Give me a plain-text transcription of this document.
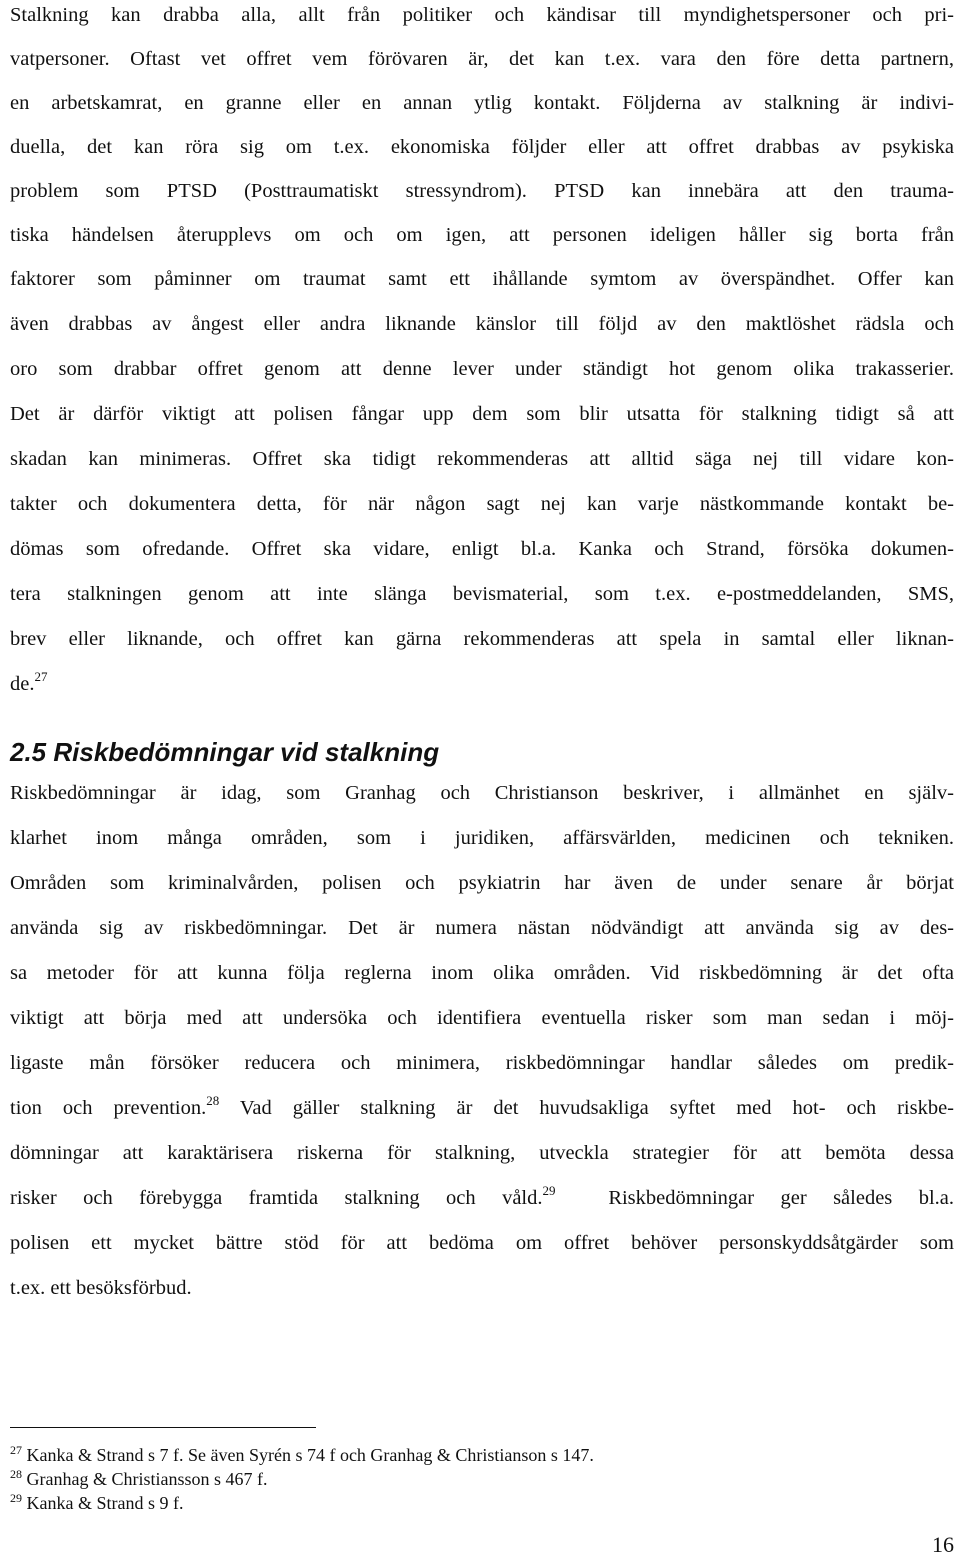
Stalkning kan drabba alla, allt från politiker och kändisar till myndighetspersoner och pri-
vatpersoner. Oftast vet offret vem förövaren är, det kan t.ex. vara den före detta partnern,
en arbetskamrat, en granne eller en annan ytlig kontakt. Följderna av stalkning är indivi-
duella, det kan röra sig om t.ex. ekonomiska följder eller att offret drabbas av psykiska
problem som PTSD (Posttraumatiskt stressyndrom). PTSD kan innebära att den trauma-
tiska händelsen återupplevs om och om igen, att personen ideligen håller sig borta från
faktorer som påminner om traumat samt ett ihållande symtom av överspändhet. Offer kan
även drabbas av ångest eller andra liknande känslor till följd av den maktlöshet rädsla och
oro som drabbar offret genom att denne lever under ständigt hot genom olika trakasserier.
Det är därför viktigt att polisen fångar upp dem som blir utsatta för stalkning tidigt så att
skadan kan minimeras. Offret ska tidigt rekommenderas att alltid säga nej till vidare kon-
takter och dokumentera detta, för när någon sagt nej kan varje nästkommande kontakt be-
dömas som ofredande. Offret ska vidare, enligt bl.a. Kanka och Strand, försöka dokumen-
tera stalkningen genom att inte slänga bevismaterial, som t.ex. e-postmeddelanden, SMS,
brev eller liknande, och offret kan gärna rekommenderas att spela in samtal eller liknan-
de.$^{27}$
2.5 Riskbedömningar vid stalkning
Riskbedömningar är idag, som Granhag och Christianson beskriver, i allmänhet en själv-
klarhet inom många områden, som i juridiken, affärsvärlden, medicinen och tekniken.
Områden som kriminalvården, polisen och psykiatrin har även de under senare år börjat
använda sig av riskbedömningar. Det är numera nästan nödvändigt att använda sig av des-
sa metoder för att kunna följa reglerna inom olika områden. Vid riskbedömning är det ofta
viktigt att börja med att undersöka och identifiera eventuella risker som man sedan i möj-
ligaste mån försöker reducera och minimera, riskbedömningar handlar således om predik-
tion och prevention.$^{28}$ Vad gäller stalkning är det huvudsakliga syftet med hot- och riskbe-
dömningar att karaktärisera riskerna för stalkning, utveckla strategier för att bemöta dessa
risker och förebygga framtida stalkning och våld.$^{29}$  Riskbedömningar ger således bl.a.
polisen ett mycket bättre stöd för att bedöma om offret behöver personskyddsåtgärder som
t.ex. ett besöksförbud.
$^{27}$ Kanka & Strand s 7 f. Se även Syrén s 74 f och Granhag & Christianson s 147.
$^{28}$ Granhag & Christiansson s 467 f.
$^{29}$ Kanka & Strand s 9 f.
16
